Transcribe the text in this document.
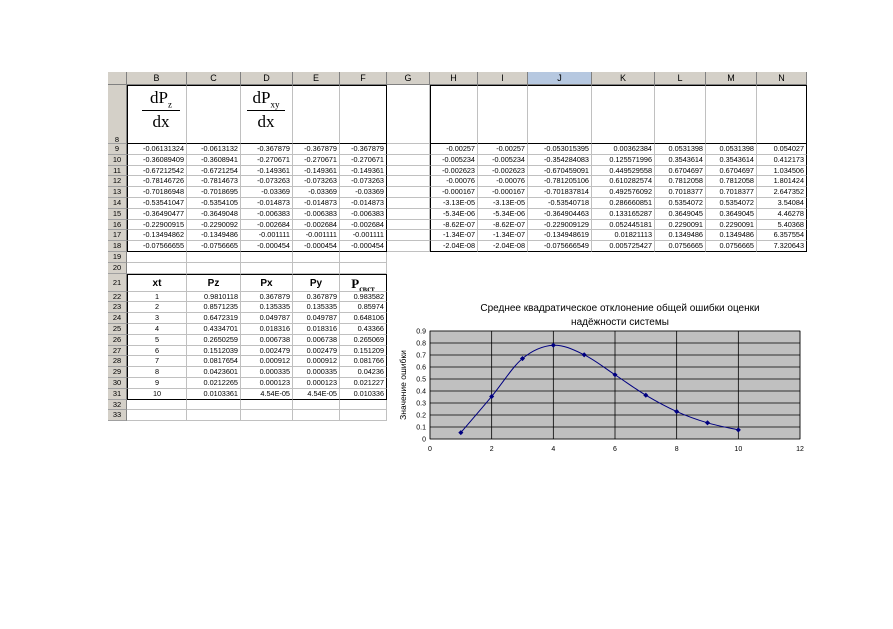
$dP_z$
dx
$dP_{xy}$
dx
Среднее квадратическое отклонение общей ошибки оценки
надёжности системы
0
0.1
0.2
0.3
0.4
0.5
0.6
0.7
0.8
0.9
0	2	4	6	8	10	12
Значение ошибки
B	C	D	E	F	G	H	I	J	K	L	M	N
8
9	-0.06131324	-0.0613132	-0.367879	-0.367879	-0.367879	-0.00257	-0.00257	-0.053015395	0.00362384	0.0531398	0.0531398	0.054027
10	-0.36089409	-0.3608941	-0.270671	-0.270671	-0.270671	-0.005234	-0.005234	-0.354284083	0.125571996	0.3543614	0.3543614	0.412173
11	-0.67212542	-0.6721254	-0.149361	-0.149361	-0.149361	-0.002623	-0.002623	-0.670459091	0.449529558	0.6704697	0.6704697	1.034506
12	-0.78146726	-0.7814673	-0.073263	-0.073263	-0.073263	-0.00076	-0.00076	-0.781205106	0.610282574	0.7812058	0.7812058	1.801424
13	-0.70186948	-0.7018695	-0.03369	-0.03369	-0.03369	-0.000167	-0.000167	-0.701837814	0.492576092	0.7018377	0.7018377	2.647352
14	-0.53541047	-0.5354105	-0.014873	-0.014873	-0.014873	-3.13E-05	-3.13E-05	-0.53540718	0.286660851	0.5354072	0.5354072	3.54084
15	-0.36490477	-0.3649048	-0.006383	-0.006383	-0.006383	-5.34E-06	-5.34E-06	-0.364904463	0.133165287	0.3649045	0.3649045	4.46278
16	-0.22900915	-0.2290092	-0.002684	-0.002684	-0.002684	-8.62E-07	-8.62E-07	-0.229009129	0.052445181	0.2290091	0.2290091	5.40368
17	-0.13494862	-0.1349486	-0.001111	-0.001111	-0.001111	-1.34E-07	-1.34E-07	-0.134948619	0.01821113	0.1349486	0.1349486	6.357554
18	-0.07566655	-0.0756665	-0.000454	-0.000454	-0.000454	-2.04E-08	-2.04E-08	-0.075666549	0.005725427	0.0756665	0.0756665	7.320643
19
20
21	xt	Pz	Px	Py	$P_{свст}$
22	1	0.9810118	0.367879	0.367879	0.983582
23	2	0.8571235	0.135335	0.135335	0.85974
24	3	0.6472319	0.049787	0.049787	0.648106
25	4	0.4334701	0.018316	0.018316	0.43366
26	5	0.2650259	0.006738	0.006738	0.265069
27	6	0.1512039	0.002479	0.002479	0.151209
28	7	0.0817654	0.000912	0.000912	0.081766
29	8	0.0423601	0.000335	0.000335	0.04236
30	9	0.0212265	0.000123	0.000123	0.021227
31	10	0.0103361	4.54E-05	4.54E-05	0.010336
32
33
